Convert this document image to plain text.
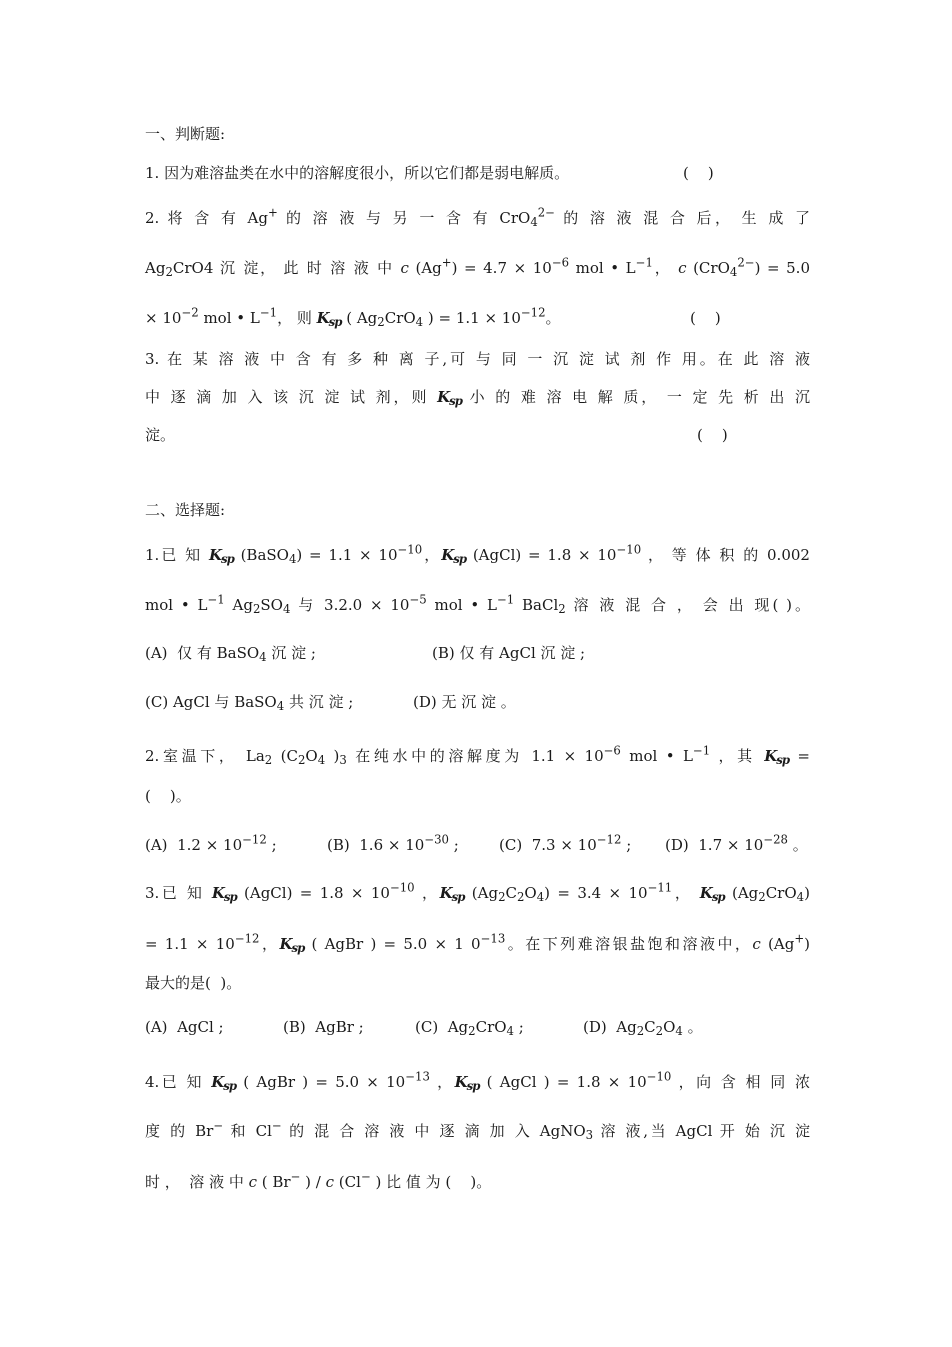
一、判断题:
1. 因为难溶盐类在水中的溶解度很小，所以它们都是弱电解质。	(    )
2. 将 含 有 Ag+ 的 溶 液 与 另 一 含 有 CrO$_4^{2-}$ 的 溶 液 混 合 后， 生 成 了
$Ag_2CrO4$ 沉 淀， 此 时 溶 液 中 c $(Ag^+) = 4.7 \times 10^{-6}$ mol • $L^{-1}$， c (CrO$_4^{2-}$) = 5.0
× $10^{-2}$ mol • $L^{-1}$， 则 $K_{sp}$ ( $Ag_2CrO_4$ ) = $1.1 \times 10^{-12}$。	(    )
3. 在 某 溶 液 中 含 有 多 种 离 子,可 与 同 一 沉 淀 试 剂 作 用。在 此 溶 液
中 逐 滴 加 入 该 沉 淀 试 剂，则 $K_{sp}$ 小 的 难 溶 电 解 质， 一 定 先 析 出 沉
淀。	(    )
二、选择题:
1.已 知 $K_{sp}$ (BaSO$_4$) = $1.1 \times 10^{-10}$，$K_{sp}$ (AgCl) = $1.8 \times 10^{-10}$ ， 等 体 积 的 0.002
mol • $L^{-1}$ $Ag_2SO_4$ 与 $3.2.0 \times 10^{-5}$ mol • $L^{-1}$ BaCl$_2$ 溶 液 混 合 ， 会 出 现( )。
(A)  仅 有 BaSO$_4$ 沉 淀 ;	(B) 仅 有 AgCl 沉 淀 ;
(C) AgCl 与 BaSO$_4$ 共 沉 淀 ;	(D) 无 沉 淀 。
2.室温下， $La_2$ ($C_2O_4$ )$_3$ 在纯水中的溶解度为 $1.1 \times 10^{-6}$ mol • $L^{-1}$ ，其 $K_{sp}$ =
(    )。
(A)  $1.2 \times 10^{-12}$ ;	(B)  $1.6 \times 10^{-30}$ ;	(C)  $7.3 \times 10^{-12}$ ; (D)  $1.7 \times 10^{-28}$ 。
3.已 知 $K_{sp}$ (AgCl) = $1.8 \times 10^{-10}$ ，$K_{sp}$ $(Ag_2C_2O_4) = 3.4 \times 10^{-11}$， $K_{sp}$ $(Ag_2CrO_4)$
= $1.1 \times 10^{-12}$，$K_{sp}$ ( AgBr ) = 5.0 × 1 $0^{-13}$。在下列难溶银盐饱和溶液中，c (Ag+)
最大的是(  )。
(A)  AgCl ;	(B)  AgBr ;	(C)  $Ag_2CrO_4$ ;	(D)  $Ag_2C_2O_4$ 。
4.已 知 $K_{sp}$ ( AgBr ) = $5.0 \times 10^{-13}$ ，$K_{sp}$ ( AgCl ) = $1.8 \times 10^{-10}$ ，向 含 相 同 浓
度 的 Br− 和 Cl− 的 混 合 溶 液 中 逐 滴 加 入 AgNO$_3$ 溶 液,当 AgCl 开 始 沉 淀
时 ，  溶 液 中 c ( Br− ) / c (Cl− ) 比 值 为 (    )。
